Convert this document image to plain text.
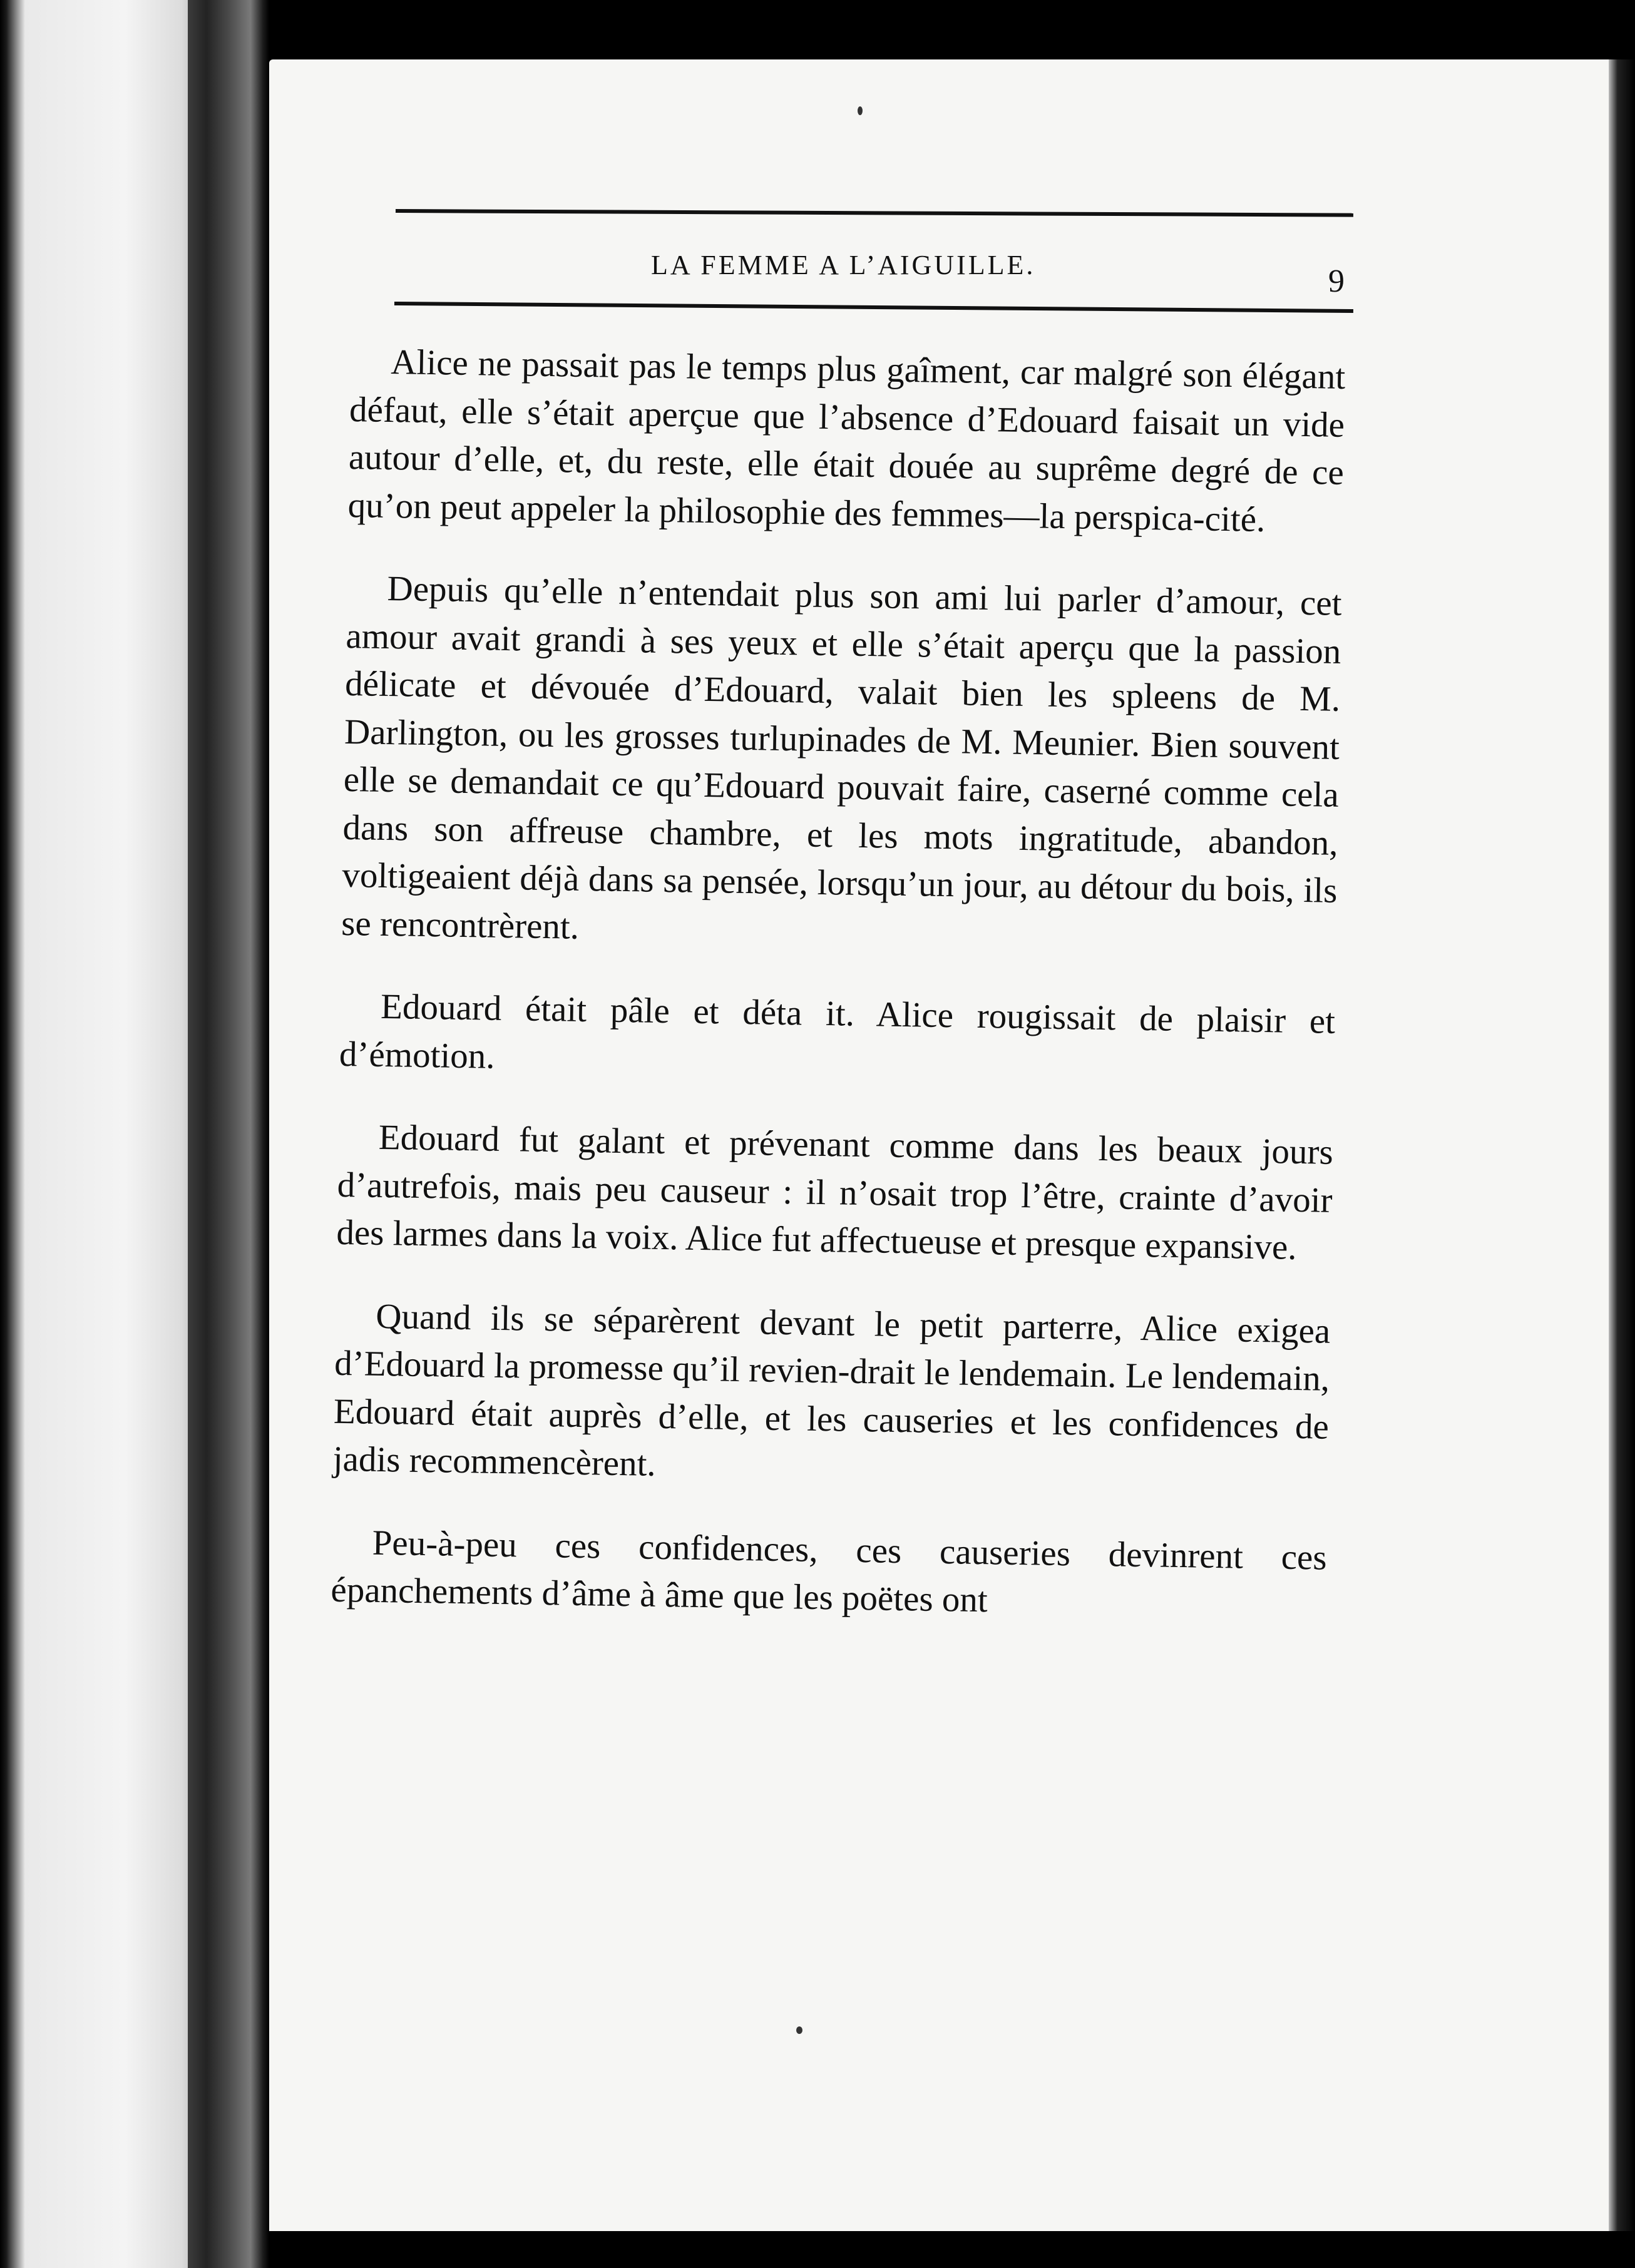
LA FEMME A L’AIGUILLE.	9

Alice ne passait pas le temps plus gaîment, car malgré son élégant défaut, elle s’était aperçue que l’absence d’Edouard faisait un vide autour d’elle, et, du reste, elle était douée au suprême degré de ce qu’on peut appeler la philosophie des femmes—la perspica-cité.

Depuis qu’elle n’entendait plus son ami lui parler d’amour, cet amour avait grandi à ses yeux et elle s’était aperçu que la passion délicate et dévouée d’Edouard, valait bien les spleens de M. Darlington, ou les grosses turlupinades de M. Meunier. Bien souvent elle se demandait ce qu’Edouard pouvait faire, caserné comme cela dans son affreuse chambre, et les mots ingratitude, abandon, voltigeaient déjà dans sa pensée, lorsqu’un jour, au détour du bois, ils se rencontrèrent.

Edouard était pâle et déta it. Alice rougissait de plaisir et d’émotion.

Edouard fut galant et prévenant comme dans les beaux jours d’autrefois, mais peu causeur : il n’osait trop l’être, crainte d’avoir des larmes dans la voix. Alice fut affectueuse et presque expansive.

Quand ils se séparèrent devant le petit parterre, Alice exigea d’Edouard la promesse qu’il revien-drait le lendemain. Le lendemain, Edouard était auprès d’elle, et les causeries et les confidences de jadis recommencèrent.

Peu-à-peu ces confidences, ces causeries devinrent ces épanchements d’âme à âme que les poëtes ont
